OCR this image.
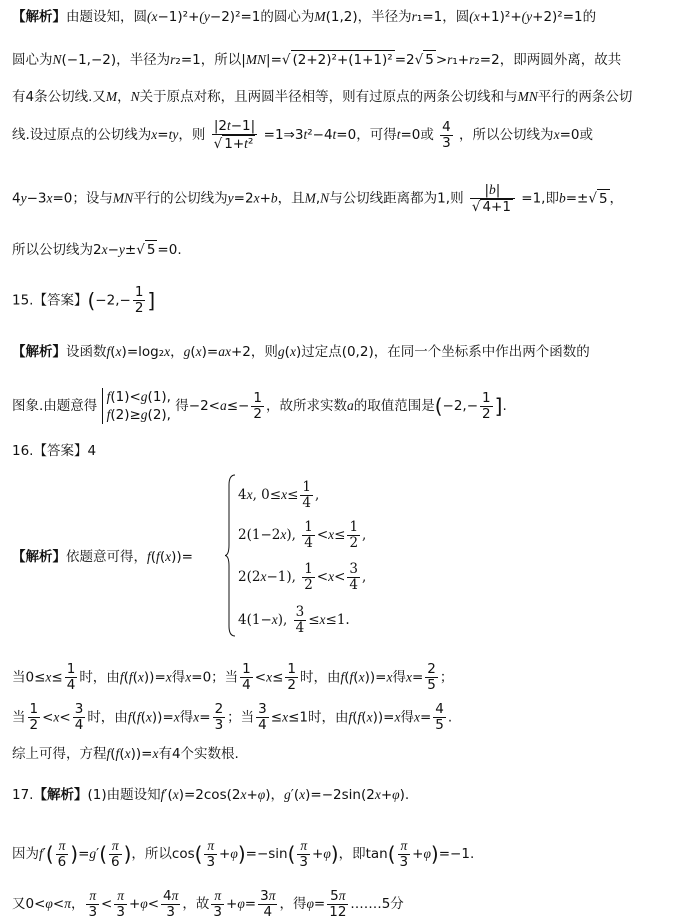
【解析】由题设知，圆(x−1)²+(y−2)²=1的圆心为M(1,2)，半径为r₁=1，圆(x+1)²+(y+2)²=1的
圆心为N(−1,−2)，半径为r₂=1，所以|MN|=√ (2+2)²+(1+1)² =2√ 5 >r₁+r₂=2，即两圆外离，故共
有4条公切线.又M，N关于原点对称，且两圆半径相等，则有过原点的两条公切线和与MN平行的两条公切
线.设过原点的公切线为x=ty，则 $\frac{|2t-1|}{\text{√ 1+t²}}$ =1⇒3t²−4t=0，可得t=0或 $\frac{4}{3}$ ，所以公切线为x=0或
4y−3x=0；设与MN平行的公切线为y=2x+b，且M,N与公切线距离都为1,则 $\frac{|b|}{√ 4+1} =1$,即b=±√ 5 ，
所以公切线为2x−y±√ 5 =0.
15.【答案】($-2,- \frac{1}{2}$ ]
【解析】设函数f(x)=log₂x，g(x)=ax+2，则g(x)过定点(0,2)，在同一个坐标系中作出两个函数的
图象.由题意得
f(1)<g(1),
f(2)≥g(2),
得$-2<a\le- \frac{1}{2}$ ，故所求实数a的取值范围是($-2,- \frac{1}{2}$ ].
16.【答案】4
【解析】依题意可得，f(f(x))=
4x, $0\le x\le \frac{1}{4}$ ,
2(1−2x), $\frac{1}{4} <x\le \frac{1}{2}$ ,
2(2x−1), $\frac{1}{2} <x< \frac{3}{4}$ ,
4(1−x), $\frac{3}{4} \le x\le 1$.
当$0\le x\le \frac{1}{4}$ 时，由f(f(x))=x得x=0；当 $\frac{1}{4} <x\le \frac{1}{2}$ 时，由f(f(x))=x得$x= \frac{2}{5}$ ；
当 $\frac{1}{2} <x< \frac{3}{4}$ 时，由f(f(x))=x得$x= \frac{2}{3}$ ；当 $\frac{3}{4} \le x\le 1$时，由f(f(x))=x得$x= \frac{4}{5}$ .
综上可得，方程f(f(x))=x有4个实数根.
17.【解析】(1)由题设知f′(x)=2cos(2x+φ)，g′(x)=−2sin(2x+φ).
因为$f'( \frac{\pi}{6} )=g'( \frac{\pi}{6}$ )，所以$\cos( \frac{\pi}{3} +\varphi)=-\sin( \frac{\pi}{3} +\varphi)$，即$\tan( \frac{\pi}{3} +\varphi)=-1$.
又0<φ<π， $\frac{\pi}{3} < \frac{\pi}{3} +\varphi< \frac{4\pi}{3}$ ，故 $\frac{\pi}{3} +\varphi= \frac{3\pi}{4}$ ，得$\varphi= \frac{5\pi}{12}$ .……5分
